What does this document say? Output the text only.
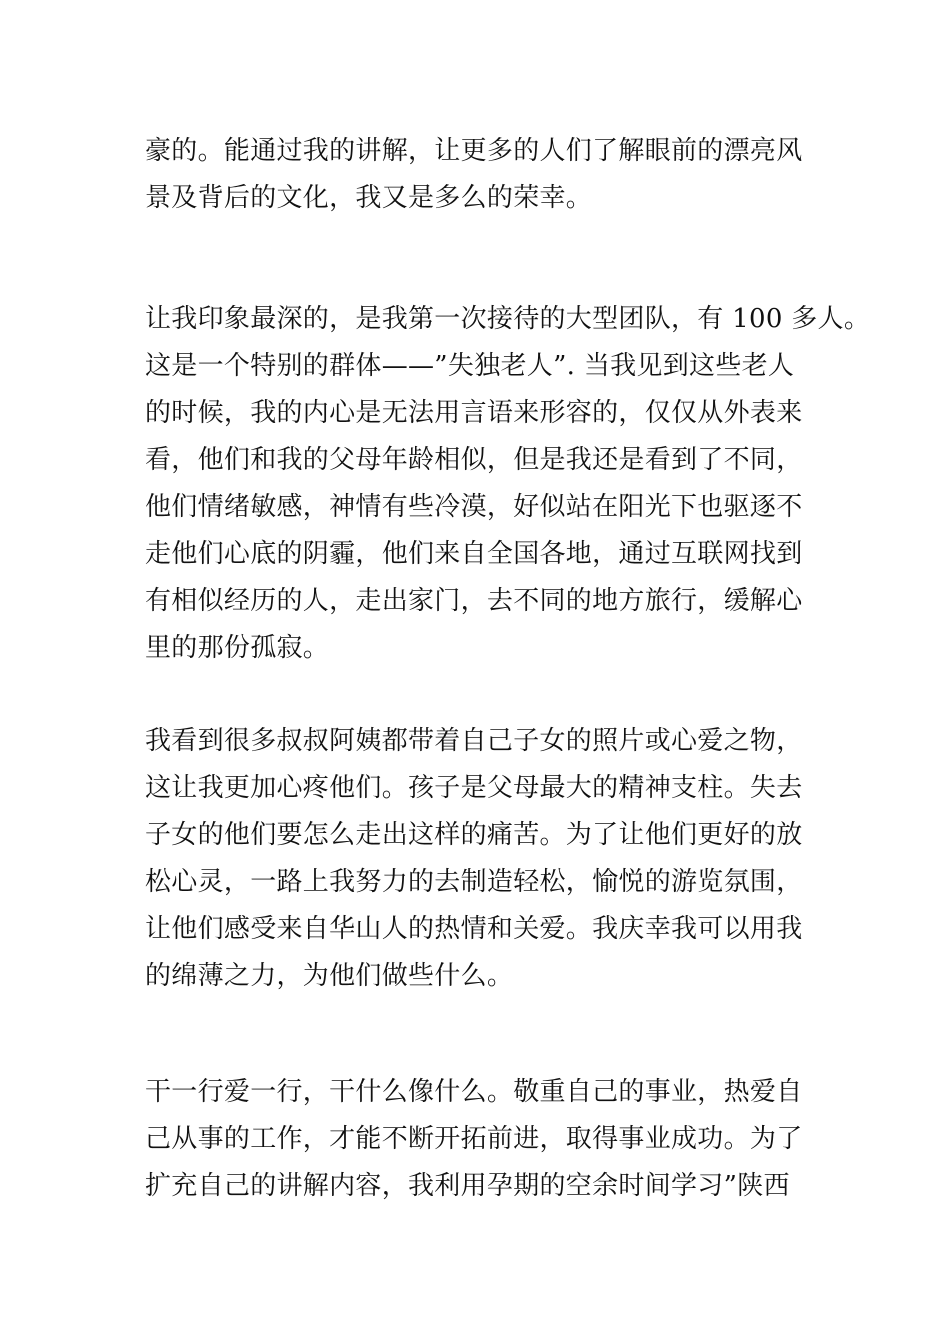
豪的。能通过我的讲解，让更多的人们了解眼前的漂亮风
景及背后的文化，我又是多么的荣幸。
让我印象最深的，是我第一次接待的大型团队，有 100 多人。
这是一个特别的群体——”失独老人”. 当我见到这些老人
的时候，我的内心是无法用言语来形容的，仅仅从外表来
看，他们和我的父母年龄相似，但是我还是看到了不同，
他们情绪敏感，神情有些冷漠，好似站在阳光下也驱逐不
走他们心底的阴霾，他们来自全国各地，通过互联网找到
有相似经历的人，走出家门，去不同的地方旅行，缓解心
里的那份孤寂。
我看到很多叔叔阿姨都带着自己子女的照片或心爱之物，
这让我更加心疼他们。孩子是父母最大的精神支柱。失去
子女的他们要怎么走出这样的痛苦。为了让他们更好的放
松心灵，一路上我努力的去制造轻松，愉悦的游览氛围，
让他们感受来自华山人的热情和关爱。我庆幸我可以用我
的绵薄之力，为他们做些什么。
干一行爱一行，干什么像什么。敬重自己的事业，热爱自
己从事的工作，才能不断开拓前进，取得事业成功。为了
扩充自己的讲解内容，我利用孕期的空余时间学习”陕西
